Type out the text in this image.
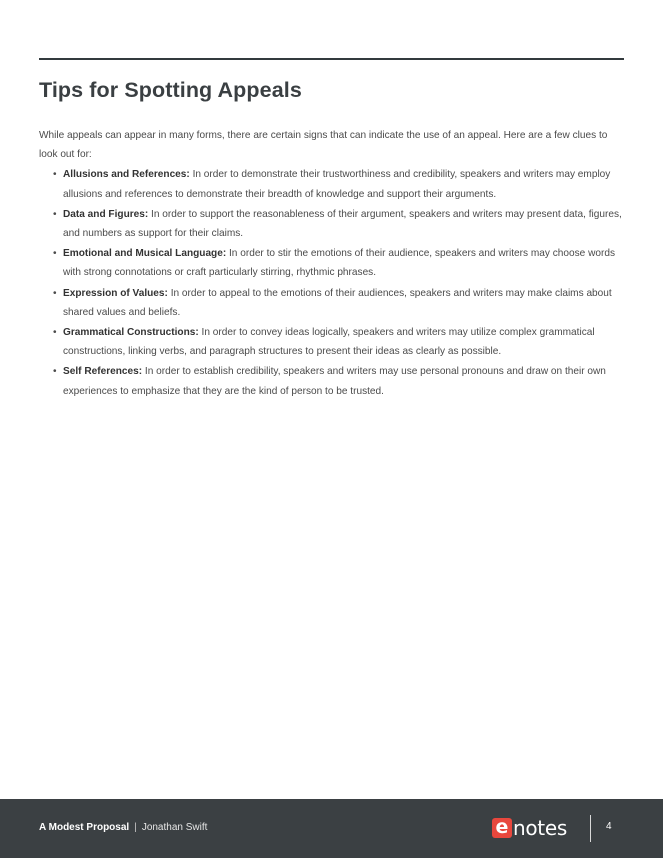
Tips for Spotting Appeals

While appeals can appear in many forms, there are certain signs that can indicate the use of an appeal. Here are a few clues to look out for:

• Allusions and References: In order to demonstrate their trustworthiness and credibility, speakers and writers may employ allusions and references to demonstrate their breadth of knowledge and support their arguments.
• Data and Figures: In order to support the reasonableness of their argument, speakers and writers may present data, figures, and numbers as support for their claims.
• Emotional and Musical Language: In order to stir the emotions of their audience, speakers and writers may choose words with strong connotations or craft particularly stirring, rhythmic phrases.
• Expression of Values: In order to appeal to the emotions of their audiences, speakers and writers may make claims about shared values and beliefs.
• Grammatical Constructions: In order to convey ideas logically, speakers and writers may utilize complex grammatical constructions, linking verbs, and paragraph structures to present their ideas as clearly as possible.
• Self References: In order to establish credibility, speakers and writers may use personal pronouns and draw on their own experiences to emphasize that they are the kind of person to be trusted.
A Modest Proposal | Jonathan Swift	e notes	4
